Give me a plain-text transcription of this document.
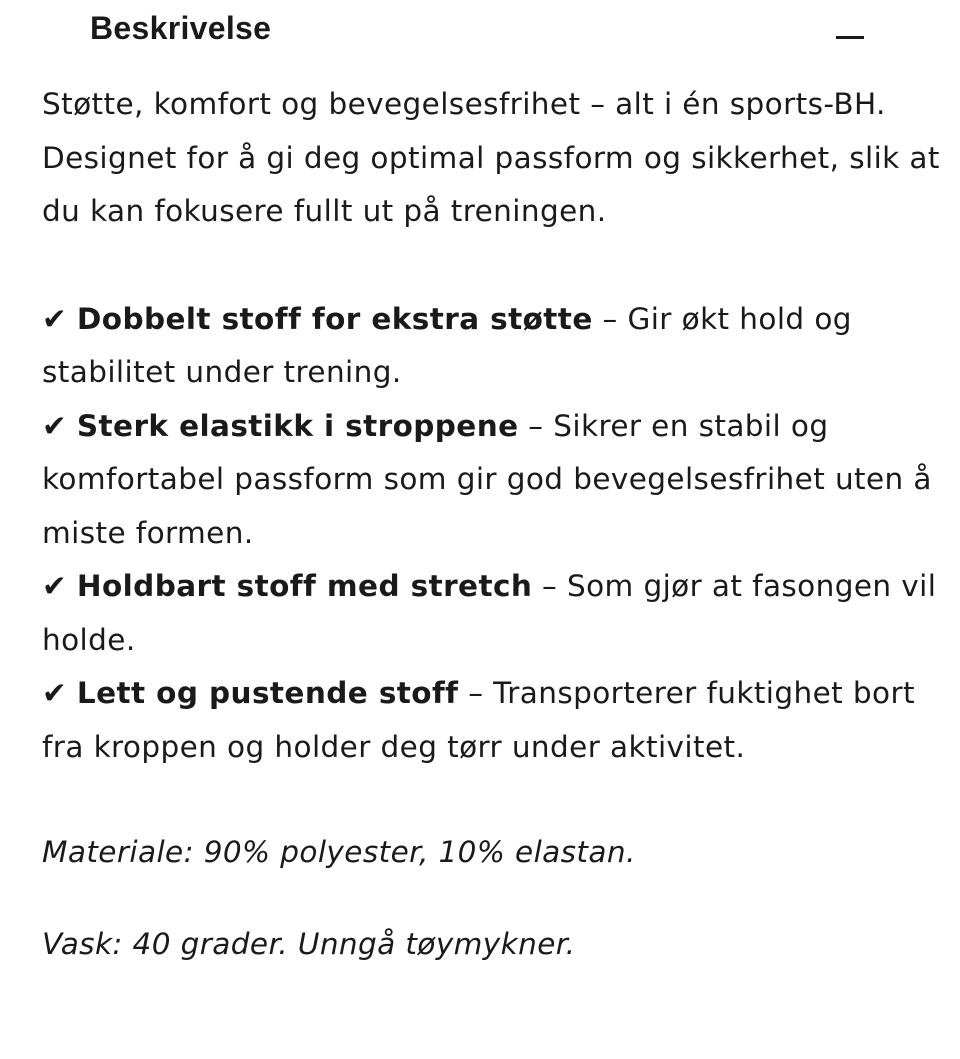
Beskrivelse

Støtte, komfort og bevegelsesfrihet – alt i én sports-BH. Designet for å gi deg optimal passform og sikkerhet, slik at du kan fokusere fullt ut på treningen.

✔ Dobbelt stoff for ekstra støtte – Gir økt hold og stabilitet under trening.

✔ Sterk elastikk i stroppene – Sikrer en stabil og komfortabel passform som gir god bevegelsesfrihet uten å miste formen.

✔ Holdbart stoff med stretch – Som gjør at fasongen vil holde.

✔ Lett og pustende stoff – Transporterer fuktighet bort fra kroppen og holder deg tørr under aktivitet.

Materiale: 90% polyester, 10% elastan.

Vask: 40 grader. Unngå tøymykner.
